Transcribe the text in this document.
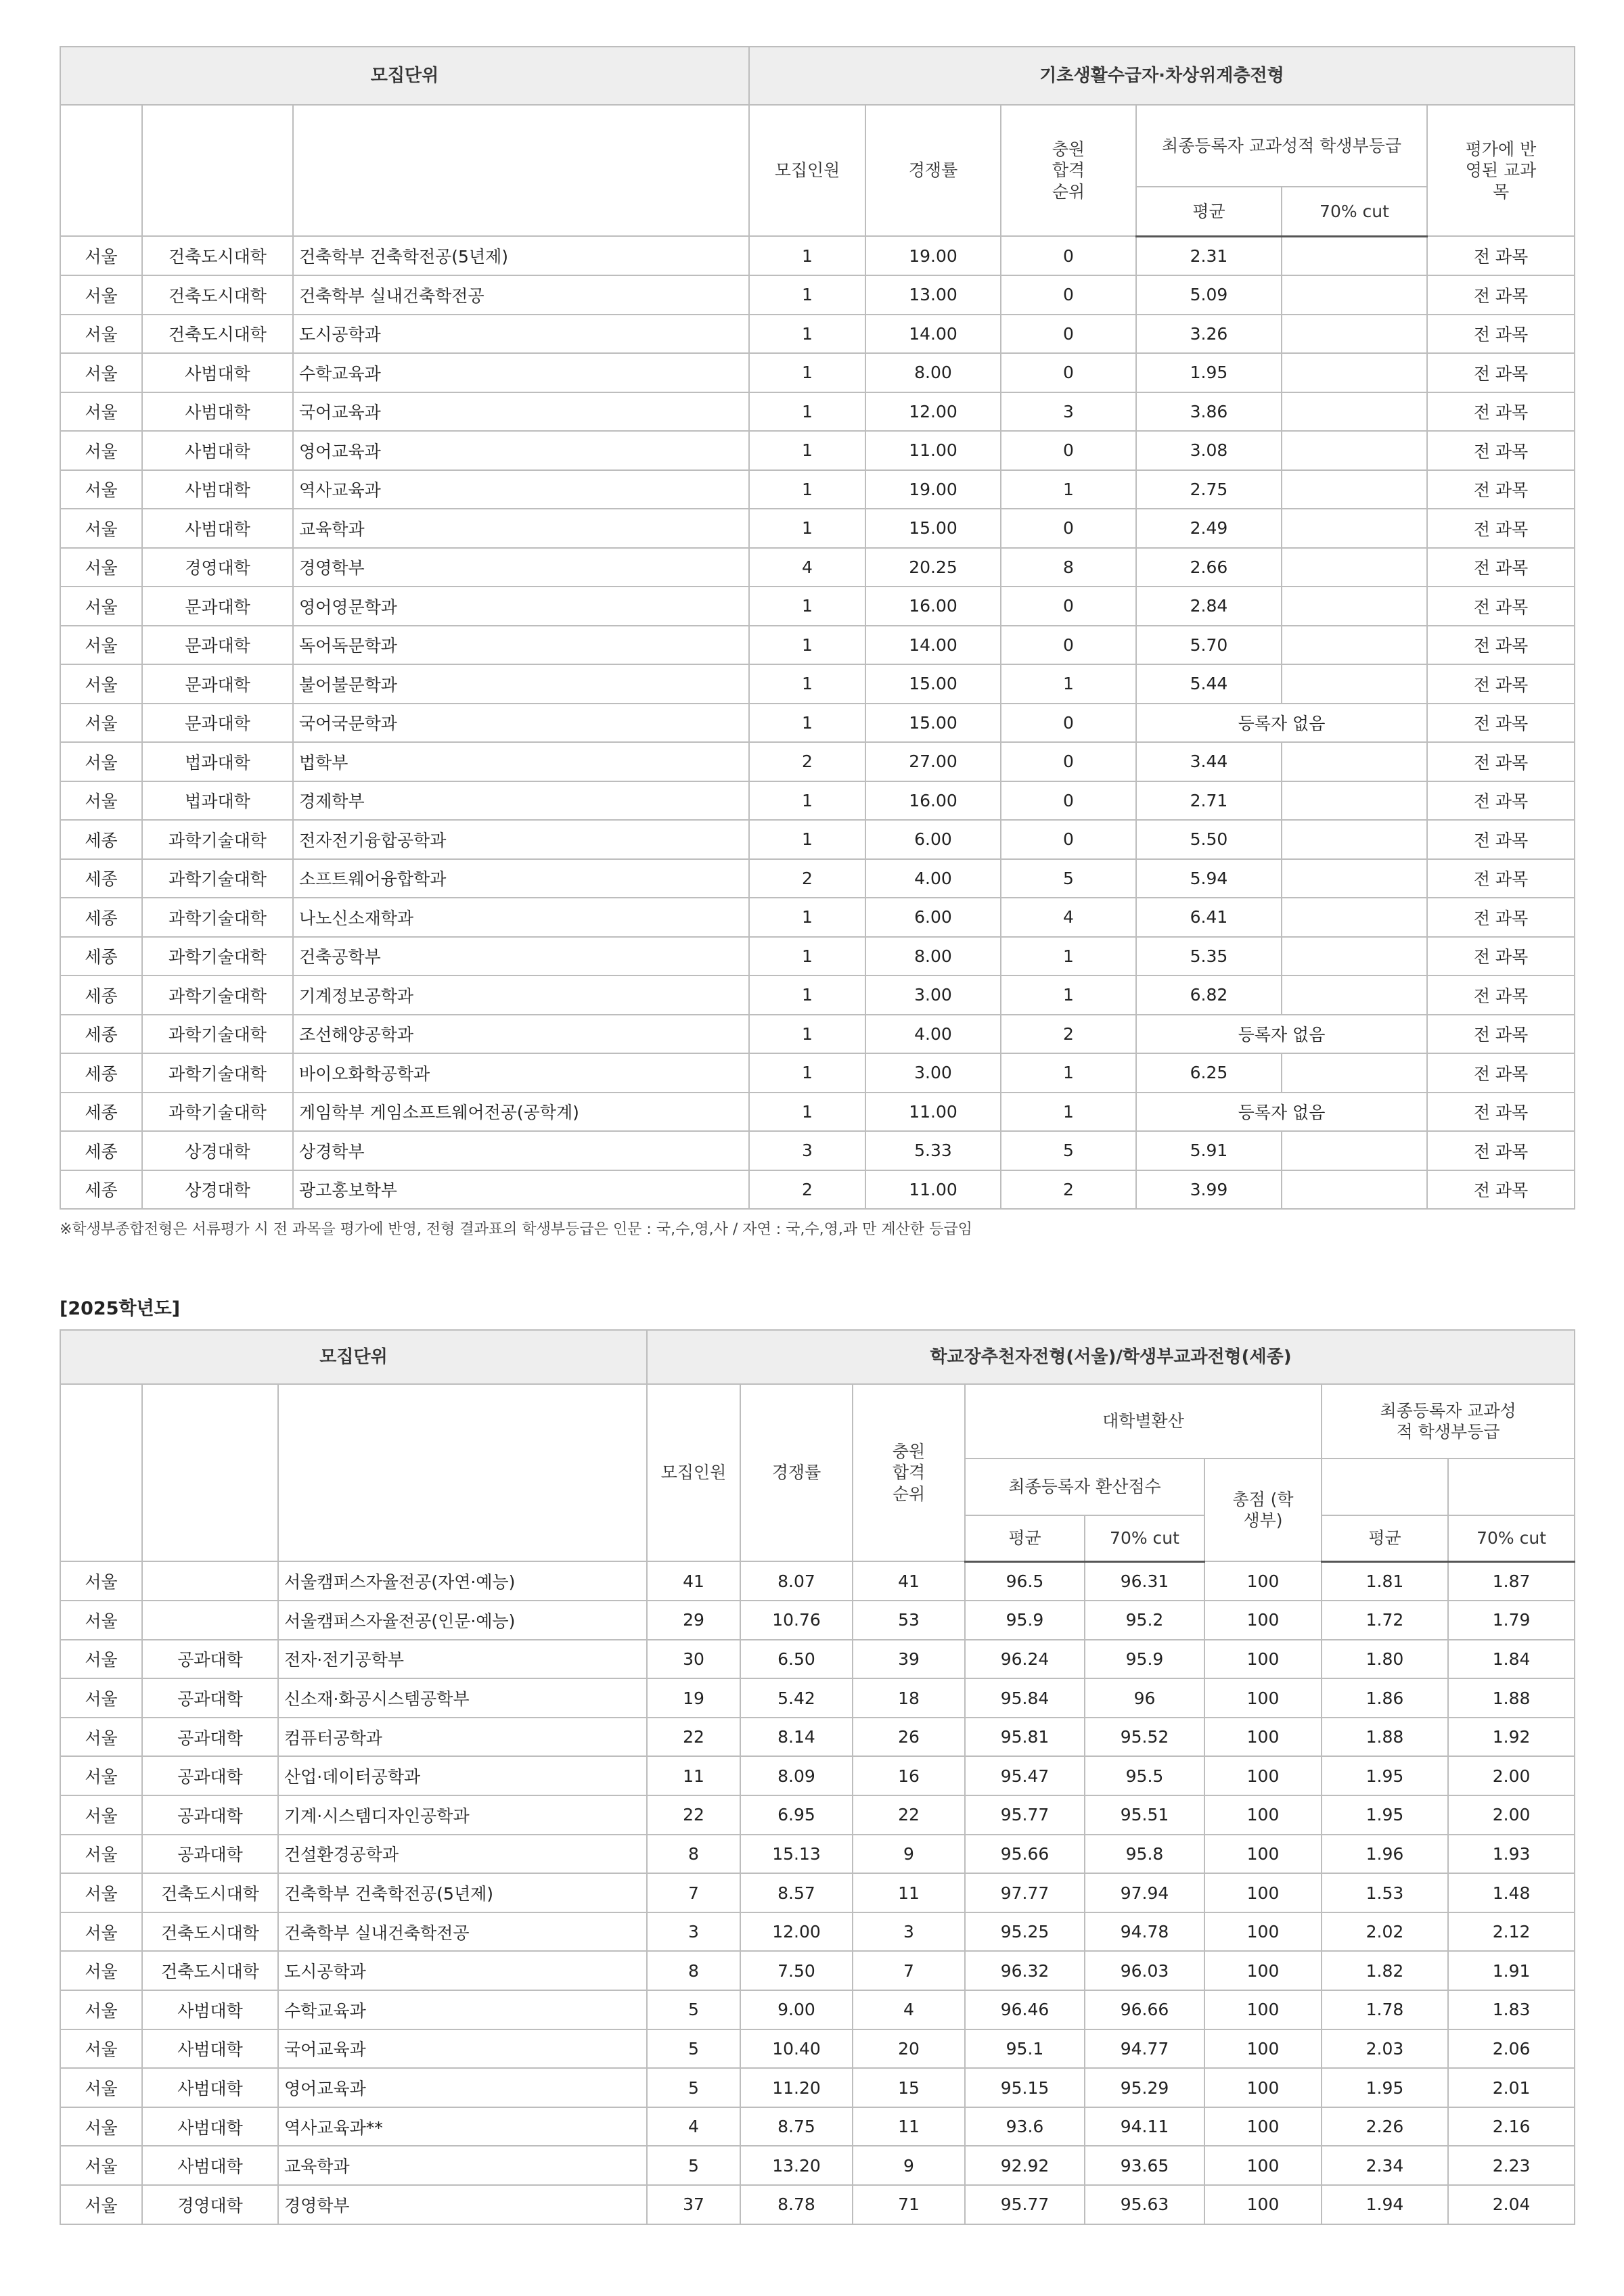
모집단위			기초생활수급자·차상위계층전형					
			모집인원	경쟁률	충원 합격 순위	최종등록자 교과성적 학생부등급		평가에 반영된 교과목
						평균	70% cut	
서울	건축도시대학	건축학부 건축학전공(5년제)	1	19.00	0	2.31		전 과목
서울	건축도시대학	건축학부 실내건축학전공	1	13.00	0	5.09		전 과목
서울	건축도시대학	도시공학과	1	14.00	0	3.26		전 과목
서울	사범대학	수학교육과	1	8.00	0	1.95		전 과목
서울	사범대학	국어교육과	1	12.00	3	3.86		전 과목
서울	사범대학	영어교육과	1	11.00	0	3.08		전 과목
서울	사범대학	역사교육과	1	19.00	1	2.75		전 과목
서울	사범대학	교육학과	1	15.00	0	2.49		전 과목
서울	경영대학	경영학부	4	20.25	8	2.66		전 과목
서울	문과대학	영어영문학과	1	16.00	0	2.84		전 과목
서울	문과대학	독어독문학과	1	14.00	0	5.70		전 과목
서울	문과대학	불어불문학과	1	15.00	1	5.44		전 과목
서울	문과대학	국어국문학과	1	15.00	0	등록자 없음		전 과목
서울	법과대학	법학부	2	27.00	0	3.44		전 과목
서울	법과대학	경제학부	1	16.00	0	2.71		전 과목
세종	과학기술대학	전자전기융합공학과	1	6.00	0	5.50		전 과목
세종	과학기술대학	소프트웨어융합학과	2	4.00	5	5.94		전 과목
세종	과학기술대학	나노신소재학과	1	6.00	4	6.41		전 과목
세종	과학기술대학	건축공학부	1	8.00	1	5.35		전 과목
세종	과학기술대학	기계정보공학과	1	3.00	1	6.82		전 과목
세종	과학기술대학	조선해양공학과	1	4.00	2	등록자 없음		전 과목
세종	과학기술대학	바이오화학공학과	1	3.00	1	6.25		전 과목
세종	과학기술대학	게임학부 게임소프트웨어전공(공학계)	1	11.00	1	등록자 없음		전 과목
세종	상경대학	상경학부	3	5.33	5	5.91		전 과목
세종	상경대학	광고홍보학부	2	11.00	2	3.99		전 과목
※학생부종합전형은 서류평가 시 전 과목을 평가에 반영, 전형 결과표의 학생부등급은 인문 : 국,수,영,사 / 자연 : 국,수,영,과 만 계산한 등급임
[2025학년도]
모집단위			학교장추천자전형(서울)/학생부교과전형(세종)							
			모집인원	경쟁률	충원 합격 순위	대학별환산			최종등록자 교과성적 학생부등급	
						최종등록자 환산점수		총점 (학생부)		
						평균	70% cut		평균	70% cut
서울		서울캠퍼스자율전공(자연·예능)	41	8.07	41	96.5	96.31	100	1.81	1.87
서울		서울캠퍼스자율전공(인문·예능)	29	10.76	53	95.9	95.2	100	1.72	1.79
서울	공과대학	전자·전기공학부	30	6.50	39	96.24	95.9	100	1.80	1.84
서울	공과대학	신소재·화공시스템공학부	19	5.42	18	95.84	96	100	1.86	1.88
서울	공과대학	컴퓨터공학과	22	8.14	26	95.81	95.52	100	1.88	1.92
서울	공과대학	산업·데이터공학과	11	8.09	16	95.47	95.5	100	1.95	2.00
서울	공과대학	기계·시스템디자인공학과	22	6.95	22	95.77	95.51	100	1.95	2.00
서울	공과대학	건설환경공학과	8	15.13	9	95.66	95.8	100	1.96	1.93
서울	건축도시대학	건축학부 건축학전공(5년제)	7	8.57	11	97.77	97.94	100	1.53	1.48
서울	건축도시대학	건축학부 실내건축학전공	3	12.00	3	95.25	94.78	100	2.02	2.12
서울	건축도시대학	도시공학과	8	7.50	7	96.32	96.03	100	1.82	1.91
서울	사범대학	수학교육과	5	9.00	4	96.46	96.66	100	1.78	1.83
서울	사범대학	국어교육과	5	10.40	20	95.1	94.77	100	2.03	2.06
서울	사범대학	영어교육과	5	11.20	15	95.15	95.29	100	1.95	2.01
서울	사범대학	역사교육과**	4	8.75	11	93.6	94.11	100	2.26	2.16
서울	사범대학	교육학과	5	13.20	9	92.92	93.65	100	2.34	2.23
서울	경영대학	경영학부	37	8.78	71	95.77	95.63	100	1.94	2.04
